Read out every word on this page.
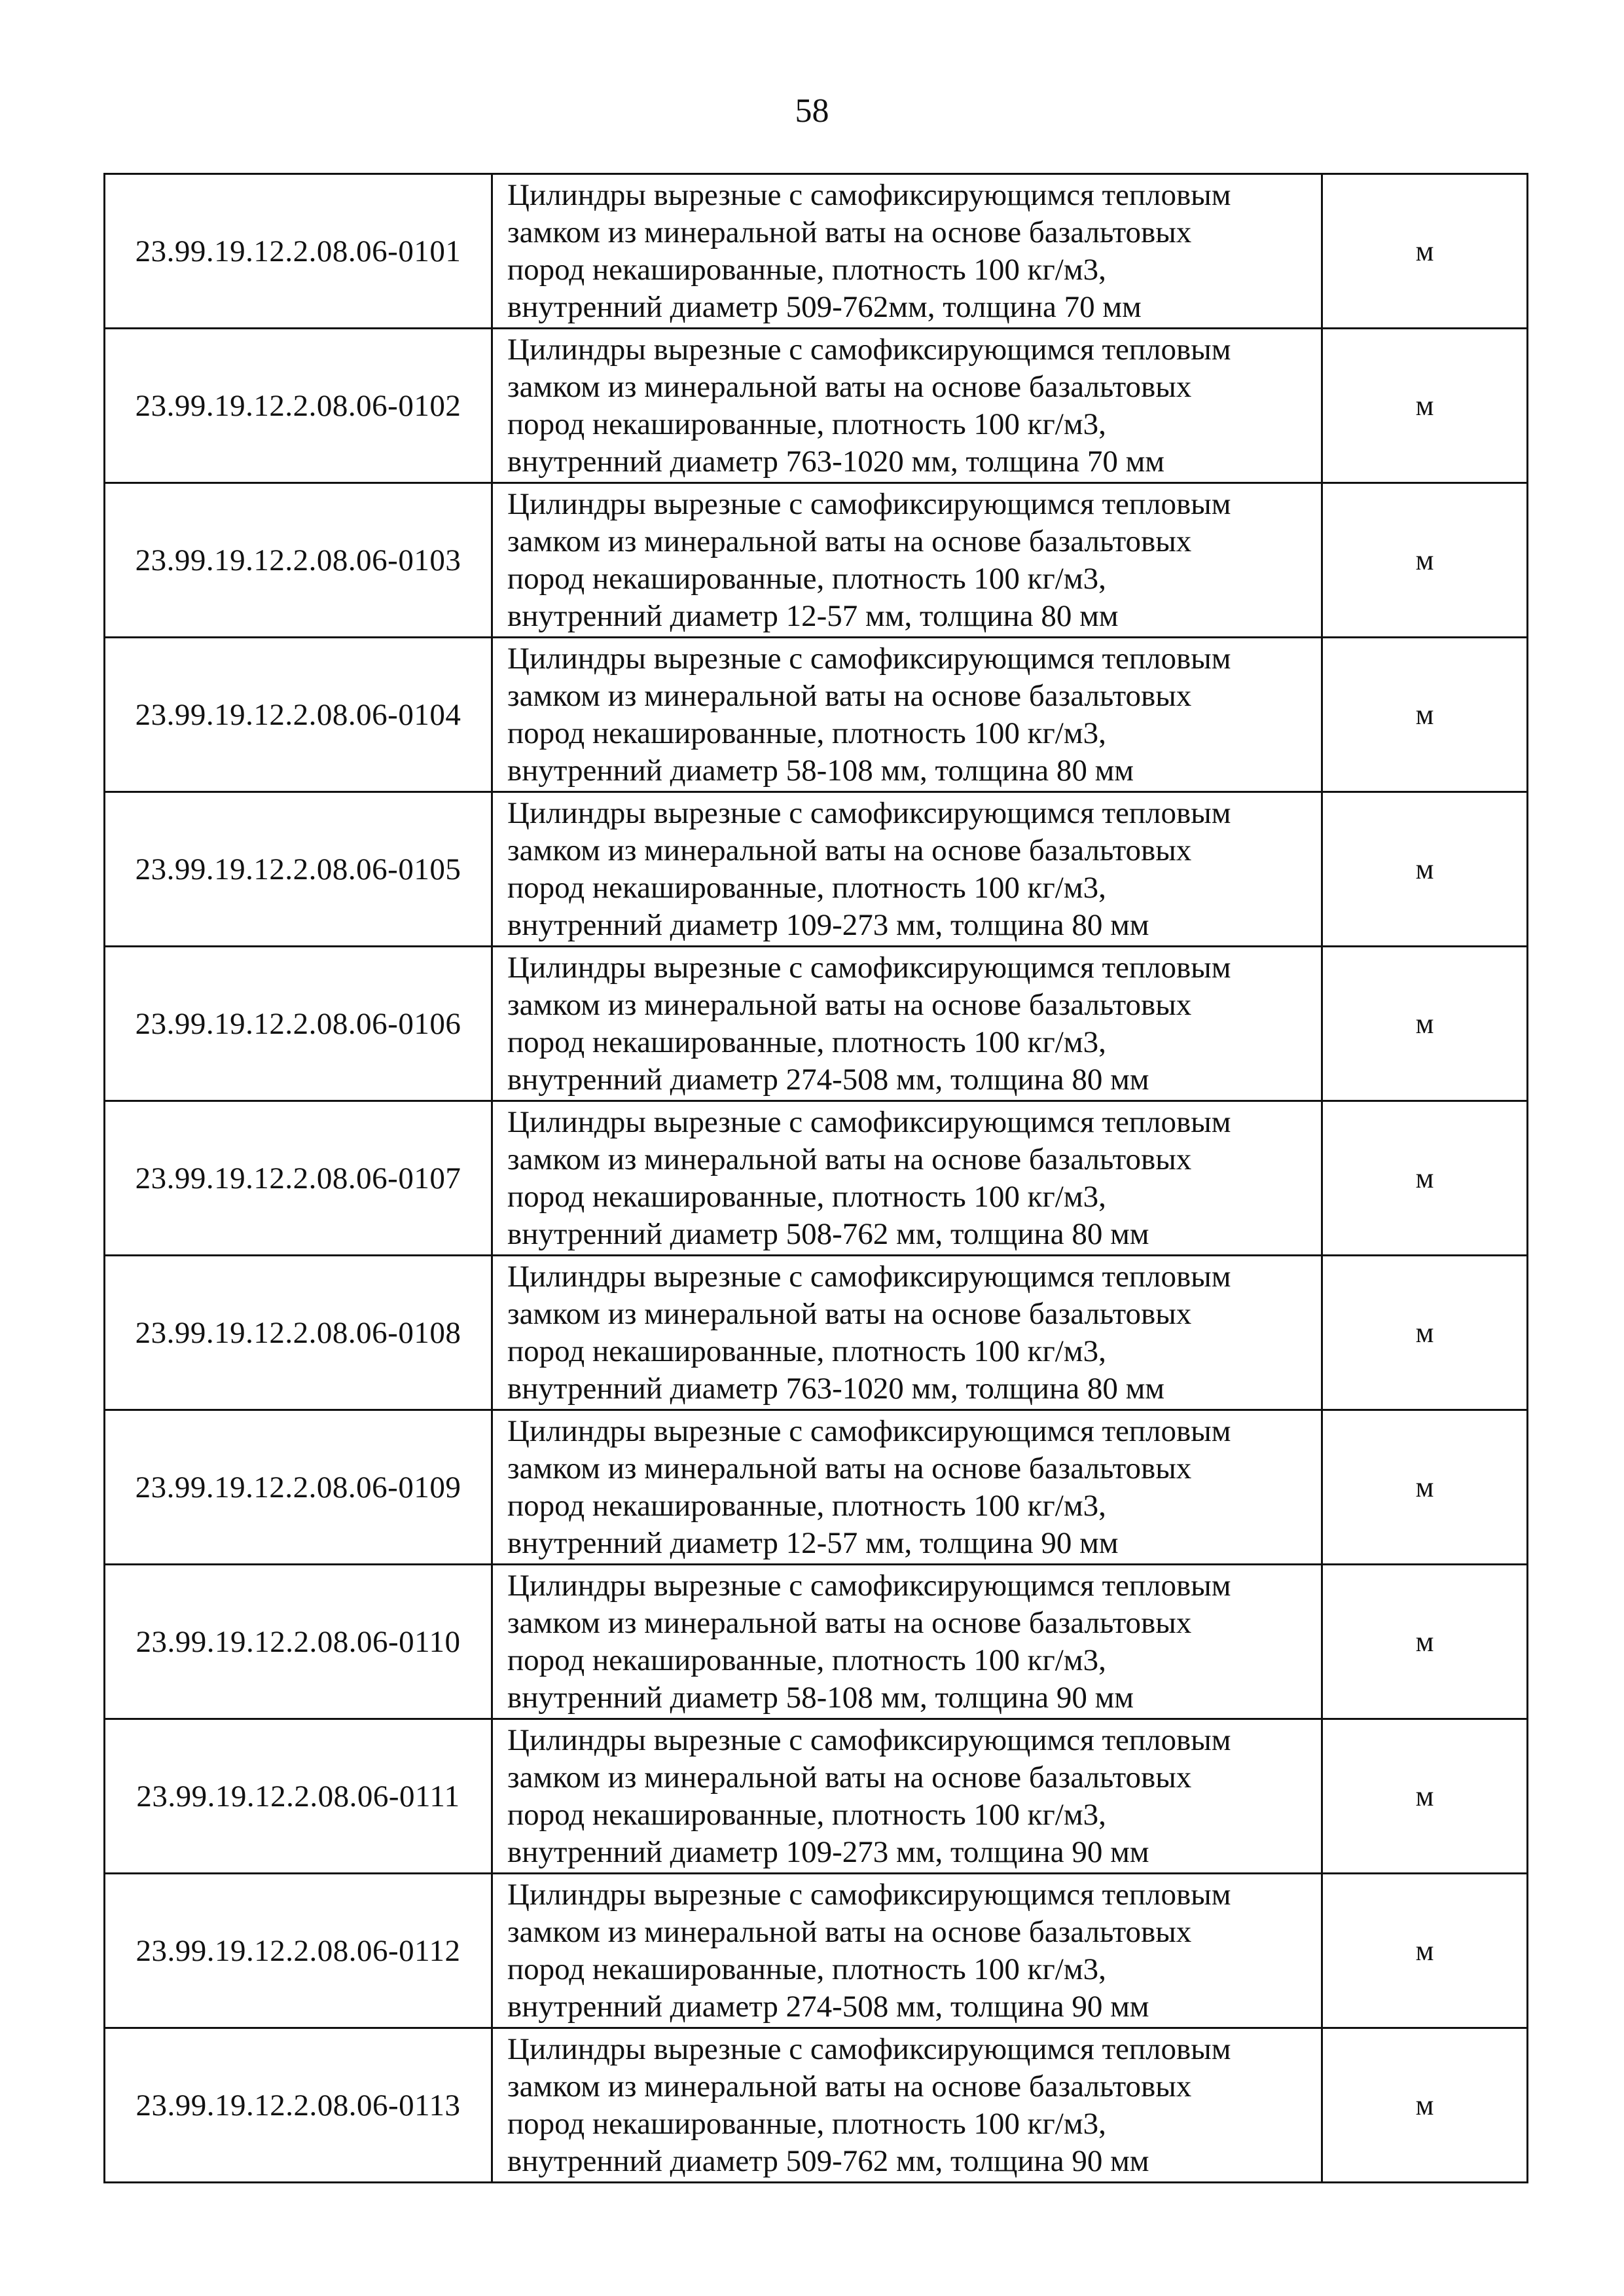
58
23.99.19.12.2.08.06-0101	Цилиндры вырезные с самофиксирующимся тепловым
замком из минеральной ваты на основе базальтовых
пород некашированные, плотность 100 кг/м3,
внутренний диаметр 509-762мм, толщина 70 мм	м
23.99.19.12.2.08.06-0102	Цилиндры вырезные с самофиксирующимся тепловым
замком из минеральной ваты на основе базальтовых
пород некашированные, плотность 100 кг/м3,
внутренний диаметр 763-1020 мм, толщина 70 мм	м
23.99.19.12.2.08.06-0103	Цилиндры вырезные с самофиксирующимся тепловым
замком из минеральной ваты на основе базальтовых
пород некашированные, плотность 100 кг/м3,
внутренний диаметр 12-57 мм, толщина 80 мм	м
23.99.19.12.2.08.06-0104	Цилиндры вырезные с самофиксирующимся тепловым
замком из минеральной ваты на основе базальтовых
пород некашированные, плотность 100 кг/м3,
внутренний диаметр 58-108 мм, толщина 80 мм	м
23.99.19.12.2.08.06-0105	Цилиндры вырезные с самофиксирующимся тепловым
замком из минеральной ваты на основе базальтовых
пород некашированные, плотность 100 кг/м3,
внутренний диаметр 109-273 мм, толщина 80 мм	м
23.99.19.12.2.08.06-0106	Цилиндры вырезные с самофиксирующимся тепловым
замком из минеральной ваты на основе базальтовых
пород некашированные, плотность 100 кг/м3,
внутренний диаметр 274-508 мм, толщина 80 мм	м
23.99.19.12.2.08.06-0107	Цилиндры вырезные с самофиксирующимся тепловым
замком из минеральной ваты на основе базальтовых
пород некашированные, плотность 100 кг/м3,
внутренний диаметр 508-762 мм, толщина 80 мм	м
23.99.19.12.2.08.06-0108	Цилиндры вырезные с самофиксирующимся тепловым
замком из минеральной ваты на основе базальтовых
пород некашированные, плотность 100 кг/м3,
внутренний диаметр 763-1020 мм, толщина 80 мм	м
23.99.19.12.2.08.06-0109	Цилиндры вырезные с самофиксирующимся тепловым
замком из минеральной ваты на основе базальтовых
пород некашированные, плотность 100 кг/м3,
внутренний диаметр 12-57 мм, толщина 90 мм	м
23.99.19.12.2.08.06-0110	Цилиндры вырезные с самофиксирующимся тепловым
замком из минеральной ваты на основе базальтовых
пород некашированные, плотность 100 кг/м3,
внутренний диаметр 58-108 мм, толщина 90 мм	м
23.99.19.12.2.08.06-0111	Цилиндры вырезные с самофиксирующимся тепловым
замком из минеральной ваты на основе базальтовых
пород некашированные, плотность 100 кг/м3,
внутренний диаметр 109-273 мм, толщина 90 мм	м
23.99.19.12.2.08.06-0112	Цилиндры вырезные с самофиксирующимся тепловым
замком из минеральной ваты на основе базальтовых
пород некашированные, плотность 100 кг/м3,
внутренний диаметр 274-508 мм, толщина 90 мм	м
23.99.19.12.2.08.06-0113	Цилиндры вырезные с самофиксирующимся тепловым
замком из минеральной ваты на основе базальтовых
пород некашированные, плотность 100 кг/м3,
внутренний диаметр 509-762 мм, толщина 90 мм	м
